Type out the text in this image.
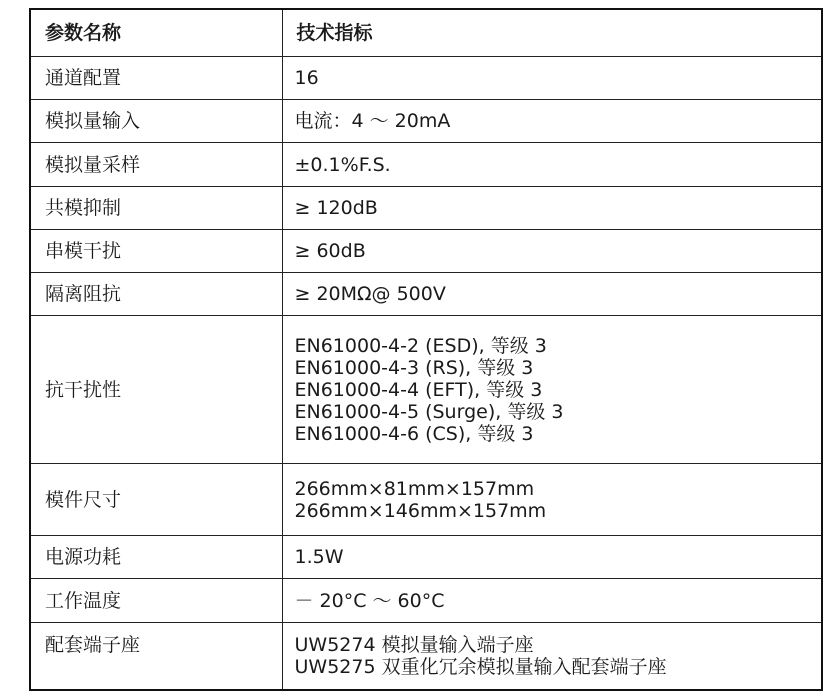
参数名称	技术指标
通道配置	16

模拟量输入	电流：4 ～ 20mA

模拟量采样	±0.1%F.S.

共模抑制	≥ 120dB

串模干扰	≥ 60dB

隔离阻抗	≥ 20MΩ@ 500V

抗干扰性	EN61000-4-2 (ESD), 等级 3
EN61000-4-3 (RS), 等级 3
EN61000-4-4 (EFT), 等级 3
EN61000-4-5 (Surge), 等级 3
EN61000-4-6 (CS), 等级 3

模件尺寸	266mm×81mm×157mm
266mm×146mm×157mm

电源功耗	1.5W

工作温度	－ 20°C ～ 60°C

配套端子座	UW5274 模拟量输入端子座
UW5275 双重化冗余模拟量输入配套端子座
